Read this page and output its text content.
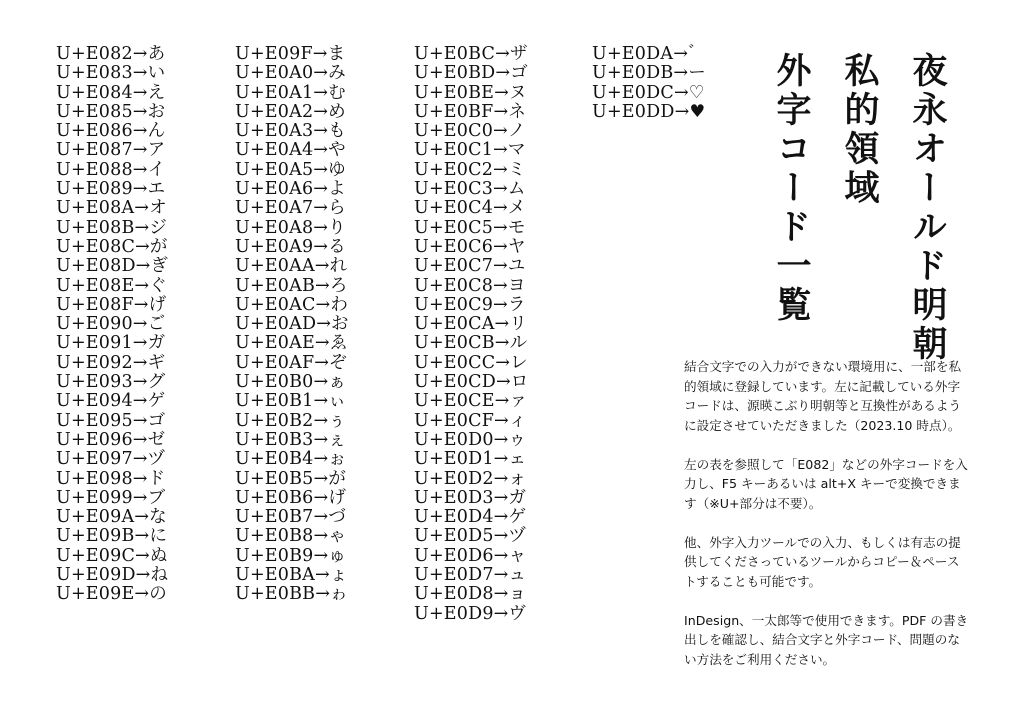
U+E082→あ
U+E083→い
U+E084→え
U+E085→お
U+E086→ん
U+E087→ア
U+E088→イ
U+E089→エ
U+E08A→オ
U+E08B→ジ
U+E08C→が
U+E08D→ぎ
U+E08E→ぐ
U+E08F→げ
U+E090→ご
U+E091→ガ
U+E092→ギ
U+E093→グ
U+E094→ゲ
U+E095→ゴ
U+E096→ゼ
U+E097→ヅ
U+E098→ド
U+E099→ブ
U+E09A→な
U+E09B→に
U+E09C→ぬ
U+E09D→ね
U+E09E→の
U+E09F→ま
U+E0A0→み
U+E0A1→む
U+E0A2→め
U+E0A3→も
U+E0A4→や
U+E0A5→ゆ
U+E0A6→よ
U+E0A7→ら
U+E0A8→り
U+E0A9→る
U+E0AA→れ
U+E0AB→ろ
U+E0AC→わ
U+E0AD→お
U+E0AE→ゑ
U+E0AF→ぞ
U+E0B0→ぁ
U+E0B1→ぃ
U+E0B2→ぅ
U+E0B3→ぇ
U+E0B4→ぉ
U+E0B5→が
U+E0B6→げ
U+E0B7→づ
U+E0B8→ゃ
U+E0B9→ゅ
U+E0BA→ょ
U+E0BB→ゎ
U+E0BC→ザ
U+E0BD→ゴ
U+E0BE→ヌ
U+E0BF→ネ
U+E0C0→ノ
U+E0C1→マ
U+E0C2→ミ
U+E0C3→ム
U+E0C4→メ
U+E0C5→モ
U+E0C6→ヤ
U+E0C7→ユ
U+E0C8→ヨ
U+E0C9→ラ
U+E0CA→リ
U+E0CB→ル
U+E0CC→レ
U+E0CD→ロ
U+E0CE→ァ
U+E0CF→ィ
U+E0D0→ゥ
U+E0D1→ェ
U+E0D2→ォ
U+E0D3→ガ
U+E0D4→ゲ
U+E0D5→ヅ
U+E0D6→ャ
U+E0D7→ュ
U+E0D8→ョ
U+E0D9→ヴ
U+E0DA→゛
U+E0DB→ー
U+E0DC→♡
U+E0DD→♥	夜永オールド明朝
私的領域
外字コード一覧

結合文字での入力ができない環境用に、一部を私的領域に登録しています。左に記載している外字コードは、源暎こぶり明朝等と互換性があるように設定させていただきました（2023.10 時点）。

左の表を参照して「E082」などの外字コードを入力し、F5 キーあるいは alt+X キーで変換できます（※U+部分は不要）。

他、外字入力ツールでの入力、もしくは有志の提供してくださっているツールからコピー＆ペーストすることも可能です。

InDesign、一太郎等で使用できます。PDF の書き出しを確認し、結合文字と外字コード、問題のない方法をご利用ください。
